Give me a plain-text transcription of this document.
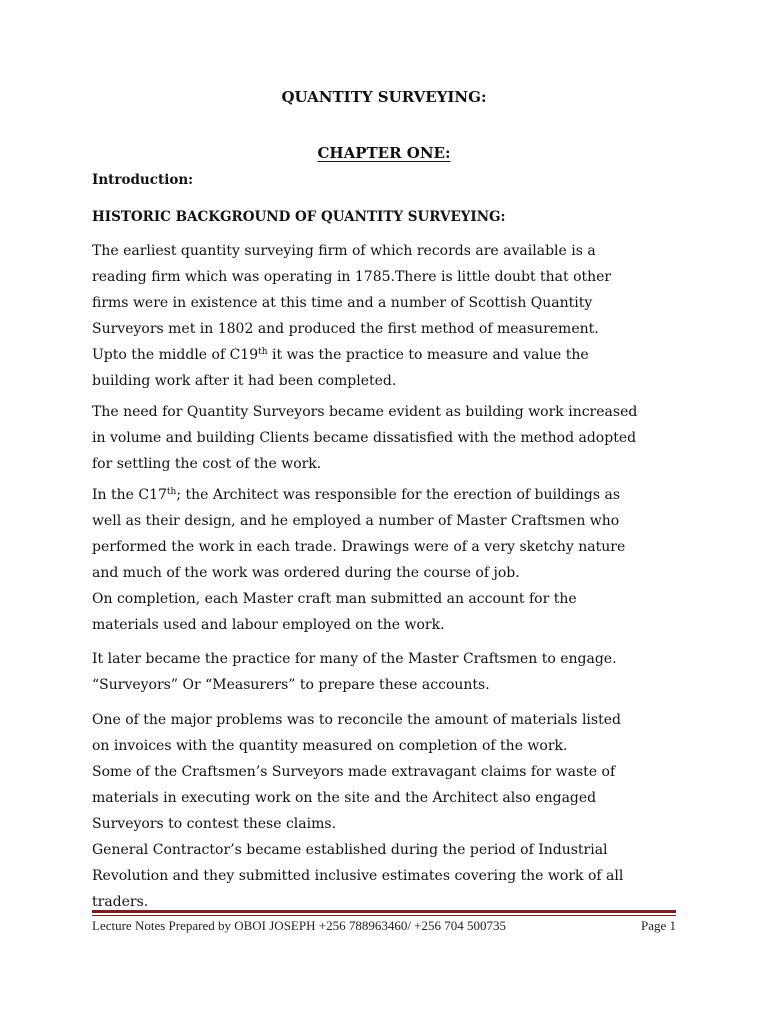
QUANTITY SURVEYING:
CHAPTER ONE:
Introduction:
HISTORIC BACKGROUND OF QUANTITY SURVEYING:

The earliest quantity surveying firm of which records are available is a
reading firm which was operating in 1785.There is little doubt that other
firms were in existence at this time and a number of Scottish Quantity
Surveyors met in 1802 and produced the first method of measurement.
Upto the middle of C19th it was the practice to measure and value the
building work after it had been completed.

The need for Quantity Surveyors became evident as building work increased
in volume and building Clients became dissatisfied with the method adopted
for settling the cost of the work.

In the C17th; the Architect was responsible for the erection of buildings as
well as their design, and he employed a number of Master Craftsmen who
performed the work in each trade. Drawings were of a very sketchy nature
and much of the work was ordered during the course of job.
On completion, each Master craft man submitted an account for the
materials used and labour employed on the work.

It later became the practice for many of the Master Craftsmen to engage.
“Surveyors” Or “Measurers” to prepare these accounts.

One of the major problems was to reconcile the amount of materials listed
on invoices with the quantity measured on completion of the work.
Some of the Craftsmen’s Surveyors made extravagant claims for waste of
materials in executing work on the site and the Architect also engaged
Surveyors to contest these claims.
General Contractor’s became established during the period of Industrial
Revolution and they submitted inclusive estimates covering the work of all
traders.

Lecture Notes Prepared by OBOI JOSEPH +256 788963460/ +256 704 500735	Page 1
